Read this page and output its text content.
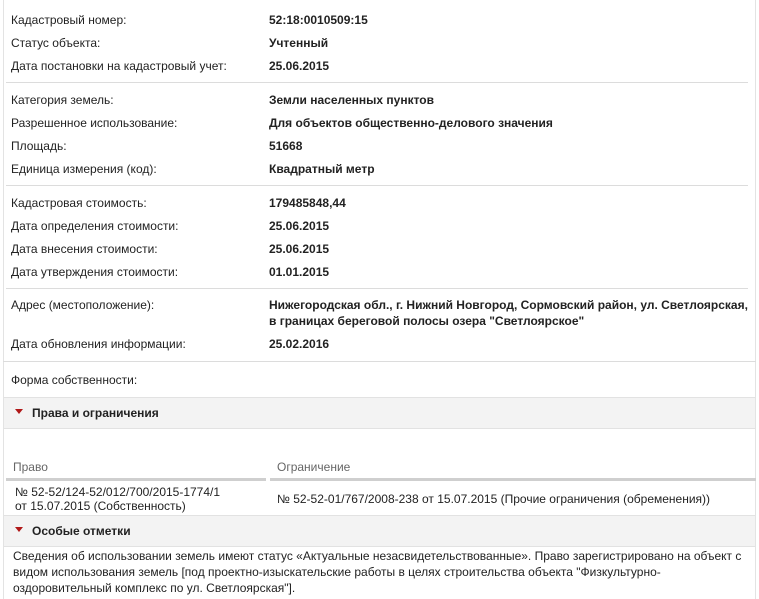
Кадастровый номер:	52:18:0010509:15
Статус объекта:	Учтенный
Дата постановки на кадастровый учет:	25.06.2015
Категория земель:	Земли населенных пунктов
Разрешенное использование:	Для объектов общественно-делового значения
Площадь:	51668
Единица измерения (код):	Квадратный метр
Кадастровая стоимость:	179485848,44
Дата определения стоимости:	25.06.2015
Дата внесения стоимости:	25.06.2015
Дата утверждения стоимости:	01.01.2015
Адрес (местоположение):	Нижегородская обл., г. Нижний Новгород, Сормовский район, ул. Светлоярская, в границах береговой полосы озера "Светлоярское"
Дата обновления информации:	25.02.2016
Форма собственности:
Права и ограничения
Право	Ограничение
№ 52-52/124-52/012/700/2015-1774/1
от 15.07.2015 (Собственность)	№ 52-52-01/767/2008-238 от 15.07.2015 (Прочие ограничения (обременения))
Особые отметки
Сведения об использовании земель имеют статус «Актуальные незасвидетельствованные». Право зарегистрировано на объект с видом использования земель [под проектно-изыскательские работы в целях строительства объекта "Физкультурно-оздоровительный комплекс по ул. Светлоярская"].
